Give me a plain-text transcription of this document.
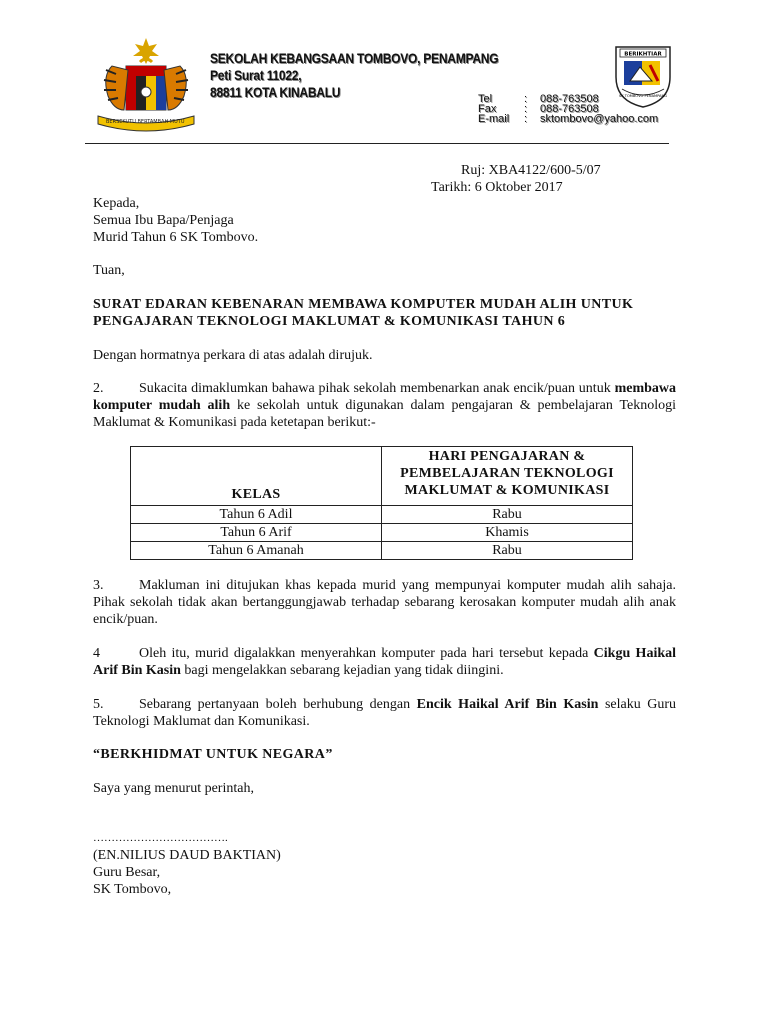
BERSEKUTU BERTAMBAH MUTU
SEKOLAH KEBANGSAAN TOMBOVO, PENAMPANG
Peti Surat 11022,
88811 KOTA KINABALU
BERIKHTIAR
SK TOMBOVO PENAMPANG
Tel	: 088-763508
Fax	: 088-763508
E-mail : sktombovo@yahoo.com
Ruj: XBA4122/600-5/07
Tarikh: 6 Oktober 2017
Kepada,
Semua Ibu Bapa/Penjaga
Murid Tahun 6 SK Tombovo.
Tuan,
SURAT EDARAN KEBENARAN MEMBAWA KOMPUTER MUDAH ALIH UNTUK
PENGAJARAN TEKNOLOGI MAKLUMAT & KOMUNIKASI TAHUN 6
Dengan hormatnya perkara di atas adalah dirujuk.
2.	Sukacita dimaklumkan bahawa pihak sekolah membenarkan anak encik/puan untuk membawa komputer mudah alih ke sekolah untuk digunakan dalam pengajaran & pembelajaran Teknologi Maklumat & Komunikasi pada ketetapan berikut:-
KELAS	HARI PENGAJARAN &
PEMBELAJARAN TEKNOLOGI
MAKLUMAT & KOMUNIKASI

Tahun 6 Adil	Rabu
Tahun 6 Arif	Khamis
Tahun 6 Amanah	Rabu
3.	Makluman ini ditujukan khas kepada murid yang mempunyai komputer mudah alih sahaja. Pihak sekolah tidak akan bertanggungjawab terhadap sebarang kerosakan komputer mudah alih anak encik/puan.
4	Oleh itu, murid digalakkan menyerahkan komputer pada hari tersebut kepada Cikgu Haikal Arif Bin Kasin bagi mengelakkan sebarang kejadian yang tidak diingini.
5.	Sebarang pertanyaan boleh berhubung dengan Encik Haikal Arif Bin Kasin selaku Guru Teknologi Maklumat dan Komunikasi.
“BERKHIDMAT UNTUK NEGARA”
Saya yang menurut perintah,
……………………………….
(EN.NILIUS DAUD BAKTIAN)
Guru Besar,
SK Tombovo,
